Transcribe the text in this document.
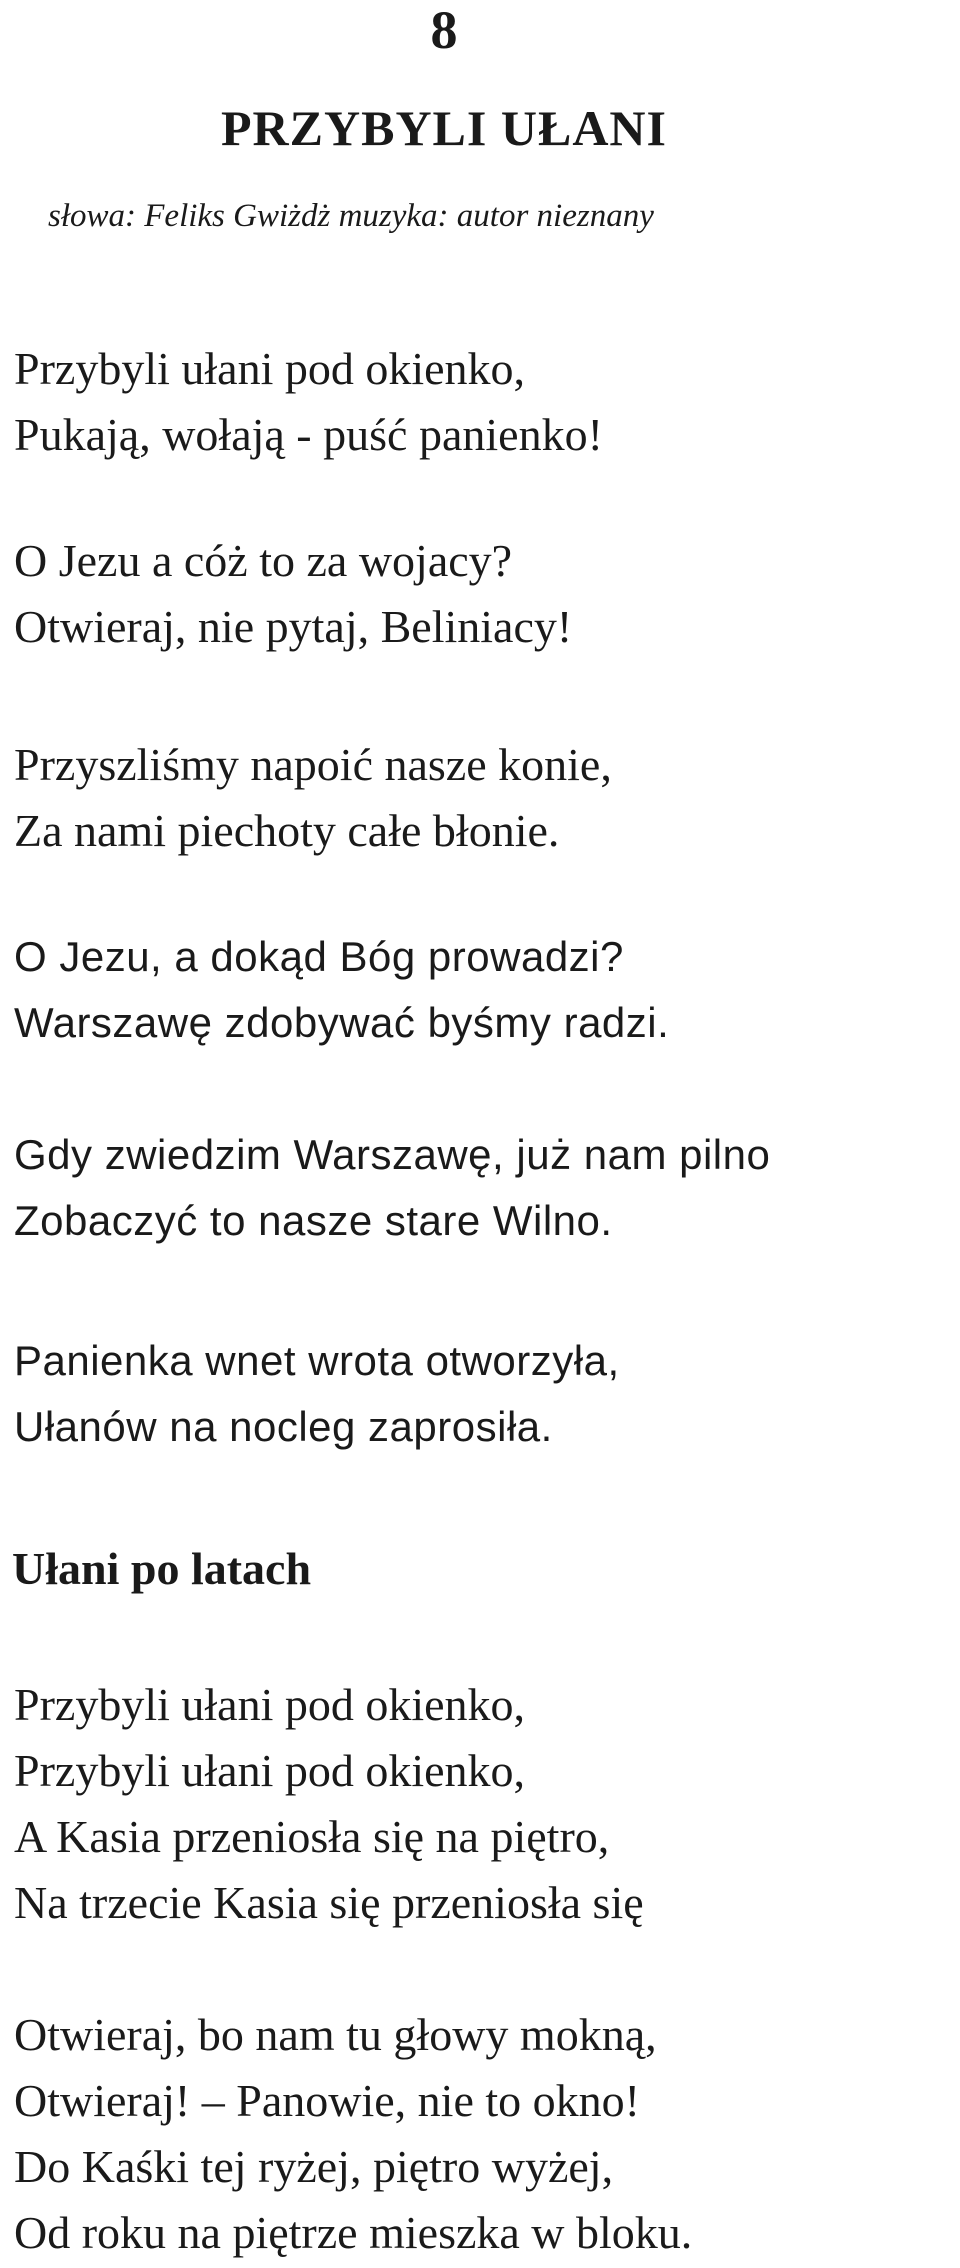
8
PRZYBYLI UŁANI

słowa: Feliks Gwiżdż muzyka: autor nieznany

Przybyli ułani pod okienko,
Pukają, wołają - puść panienko!

O Jezu a cóż to za wojacy?
Otwieraj, nie pytaj, Beliniacy!

Przyszliśmy napoić nasze konie,
Za nami piechoty całe błonie.

O Jezu, a dokąd Bóg prowadzi?
Warszawę zdobywać byśmy radzi.

Gdy zwiedzim Warszawę, już nam pilno
Zobaczyć to nasze stare Wilno.

Panienka wnet wrota otworzyła,
Ułanów na nocleg zaprosiła.

Ułani po latach

Przybyli ułani pod okienko,
Przybyli ułani pod okienko,
A Kasia przeniosła się na piętro,
Na trzecie Kasia się przeniosła się

Otwieraj, bo nam tu głowy mokną,
Otwieraj! – Panowie, nie to okno!
Do Kaśki tej ryżej, piętro wyżej,
Od roku na piętrze mieszka w bloku.
